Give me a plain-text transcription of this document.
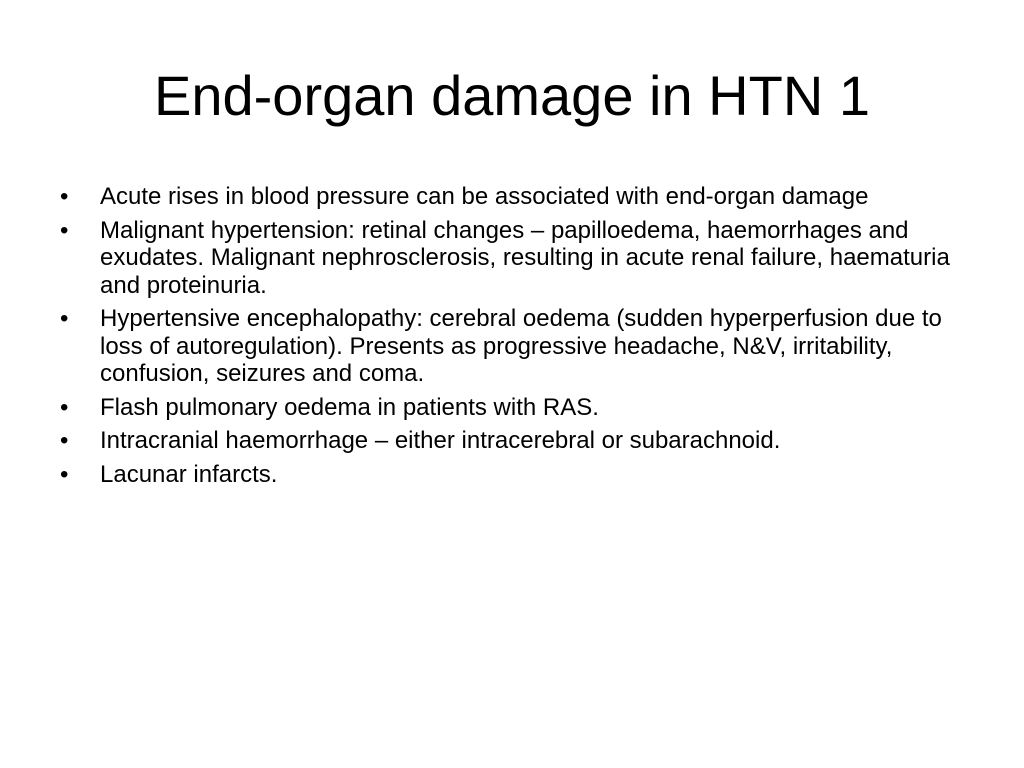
End-organ damage in HTN 1
•	Acute rises in blood pressure can be associated with end-organ damage
•	Malignant hypertension: retinal changes – papilloedema, haemorrhages and exudates. Malignant nephrosclerosis, resulting in acute renal failure, haematuria and proteinuria.
•	Hypertensive encephalopathy: cerebral oedema (sudden hyperperfusion due to loss of autoregulation). Presents as progressive headache, N&V, irritability, confusion, seizures and coma.
•	Flash pulmonary oedema in patients with RAS.
•	Intracranial haemorrhage – either intracerebral or subarachnoid.
•	Lacunar infarcts.
